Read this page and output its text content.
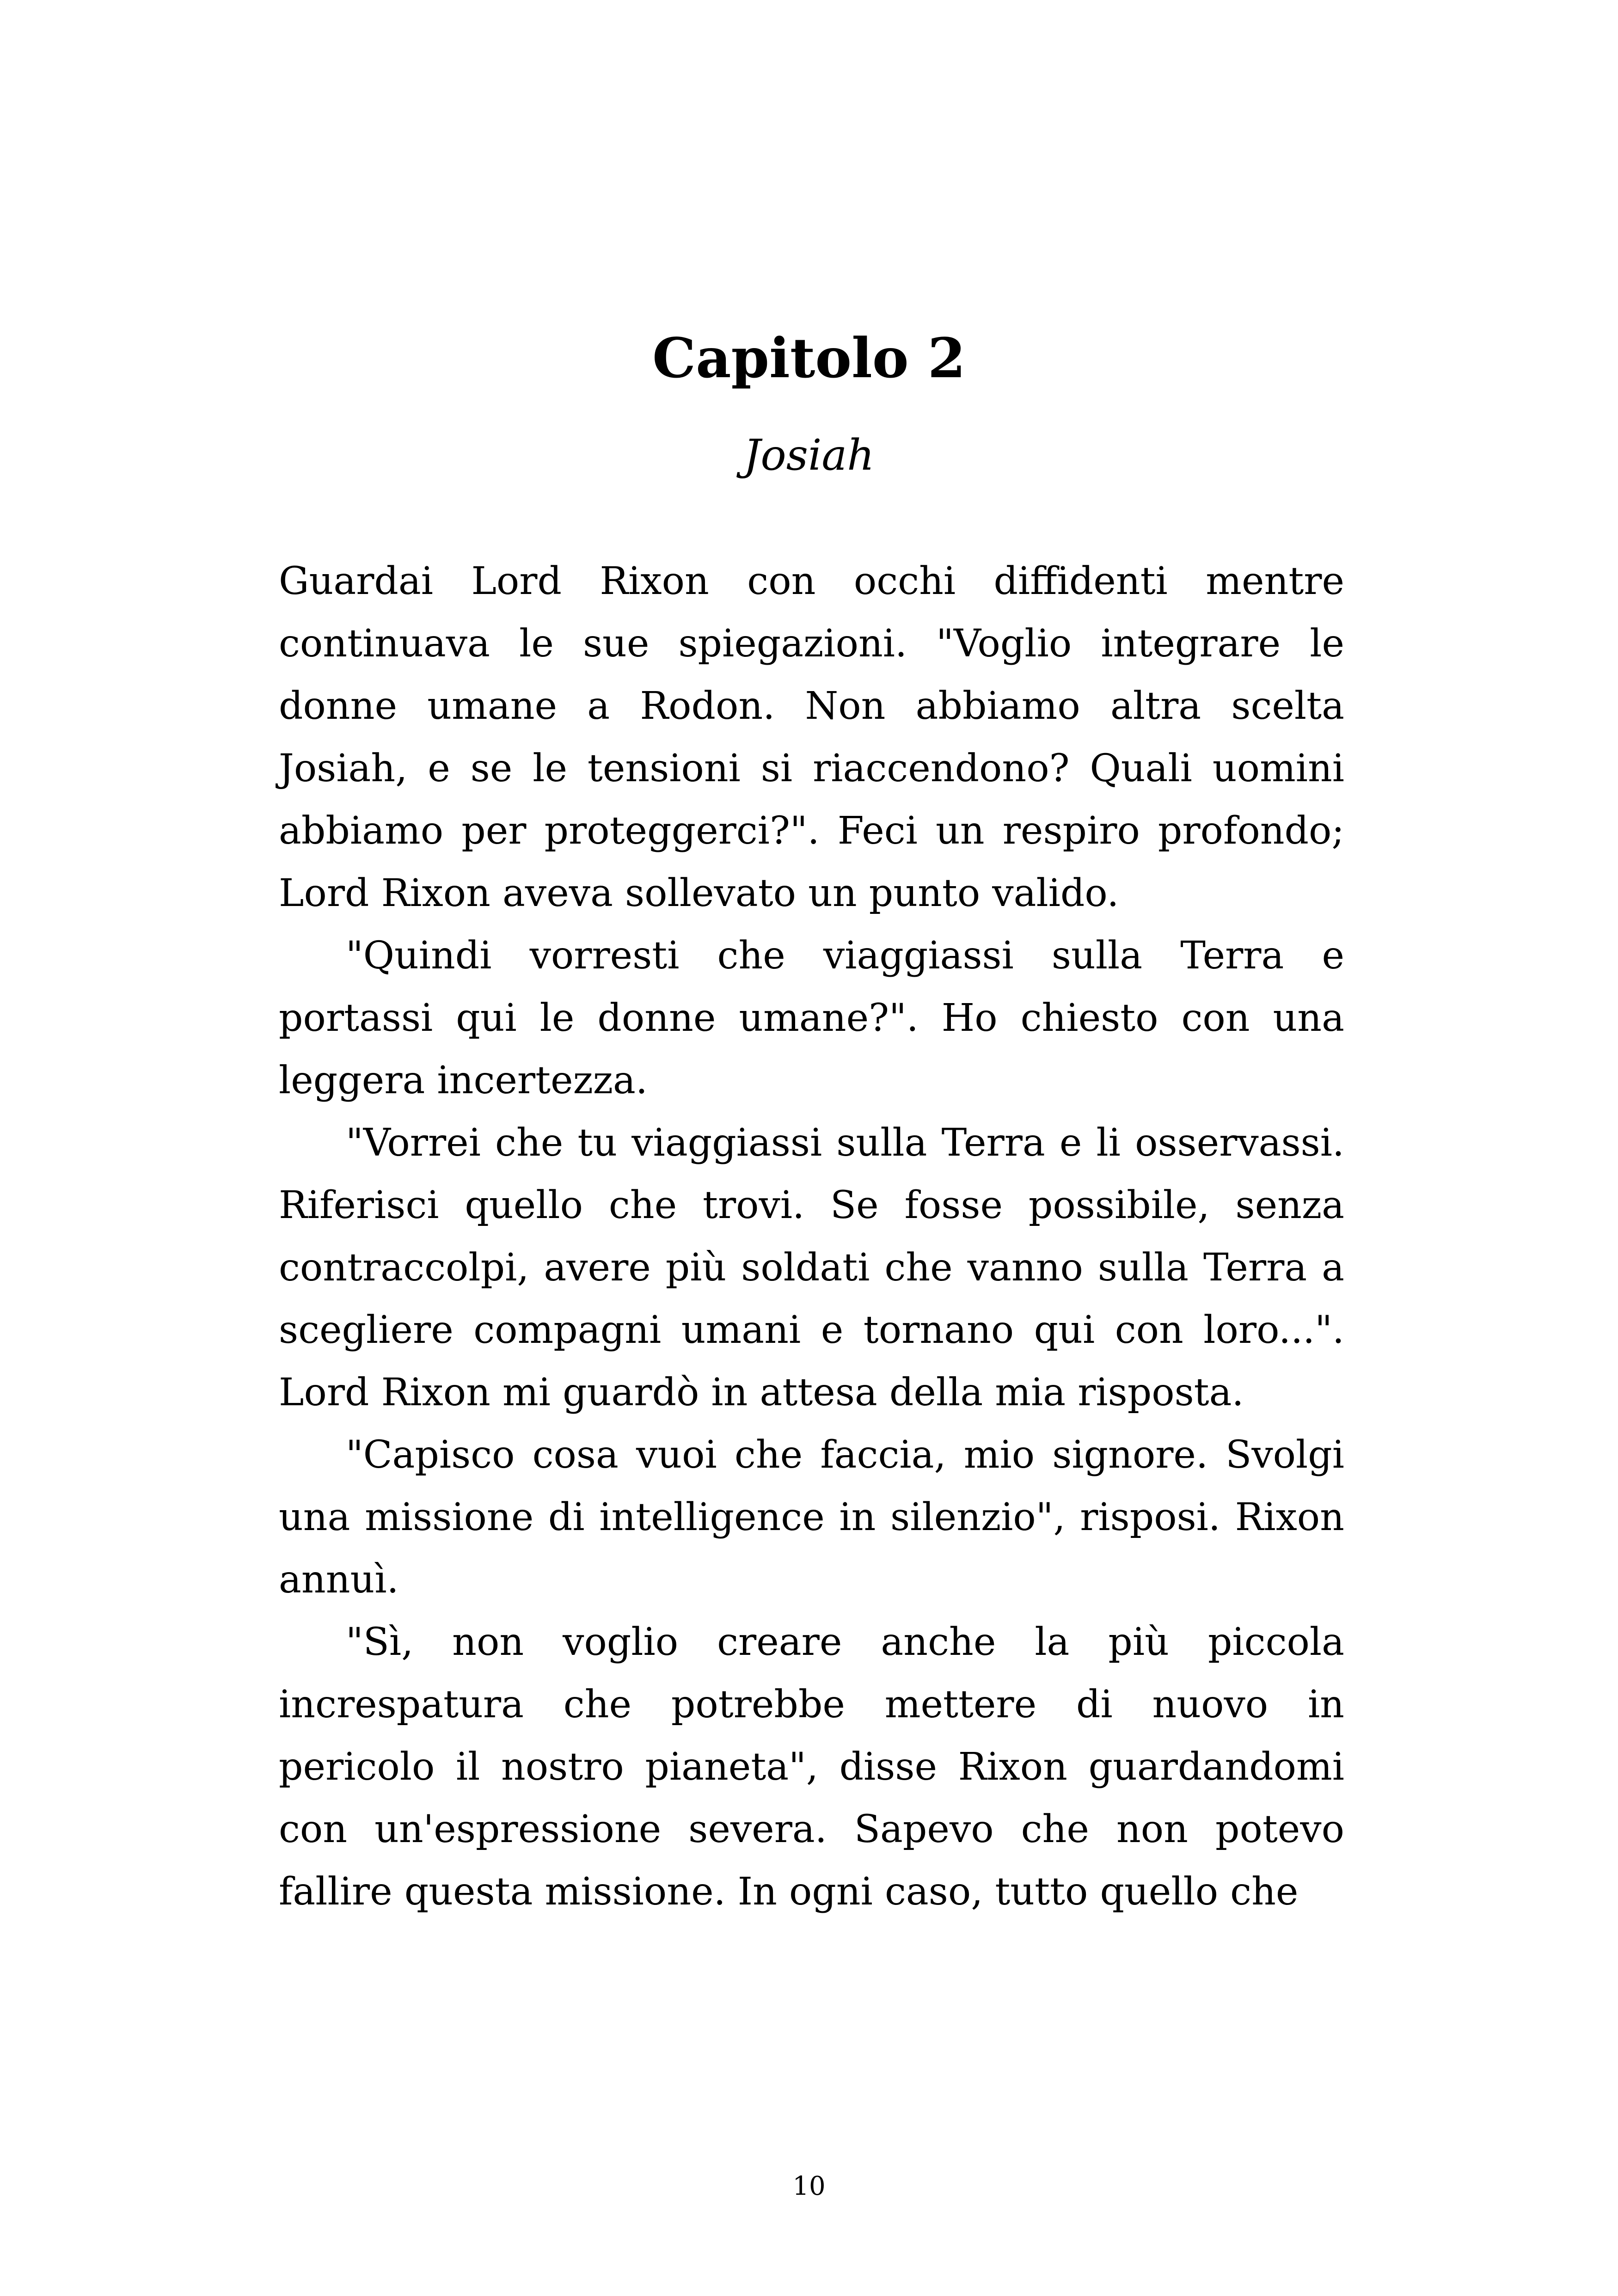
Capitolo 2
Josiah

Guardai Lord Rixon con occhi diffidenti mentre continuava le sue spiegazioni. "Voglio integrare le donne umane a Rodon. Non abbiamo altra scelta Josiah, e se le tensioni si riaccendono? Quali uomini abbiamo per proteggerci?". Feci un respiro profondo; Lord Rixon aveva sollevato un punto valido.

"Quindi vorresti che viaggiassi sulla Terra e portassi qui le donne umane?". Ho chiesto con una leggera incertezza.

"Vorrei che tu viaggiassi sulla Terra e li osservassi. Riferisci quello che trovi. Se fosse possibile, senza contraccolpi, avere più soldati che vanno sulla Terra a scegliere compagni umani e tornano qui con loro...". Lord Rixon mi guardò in attesa della mia risposta.

"Capisco cosa vuoi che faccia, mio signore. Svolgi una missione di intelligence in silenzio", risposi. Rixon annuì.

"Sì, non voglio creare anche la più piccola increspatura che potrebbe mettere di nuovo in pericolo il nostro pianeta", disse Rixon guardandomi con un'espressione severa. Sapevo che non potevo fallire questa missione. In ogni caso, tutto quello che

10
